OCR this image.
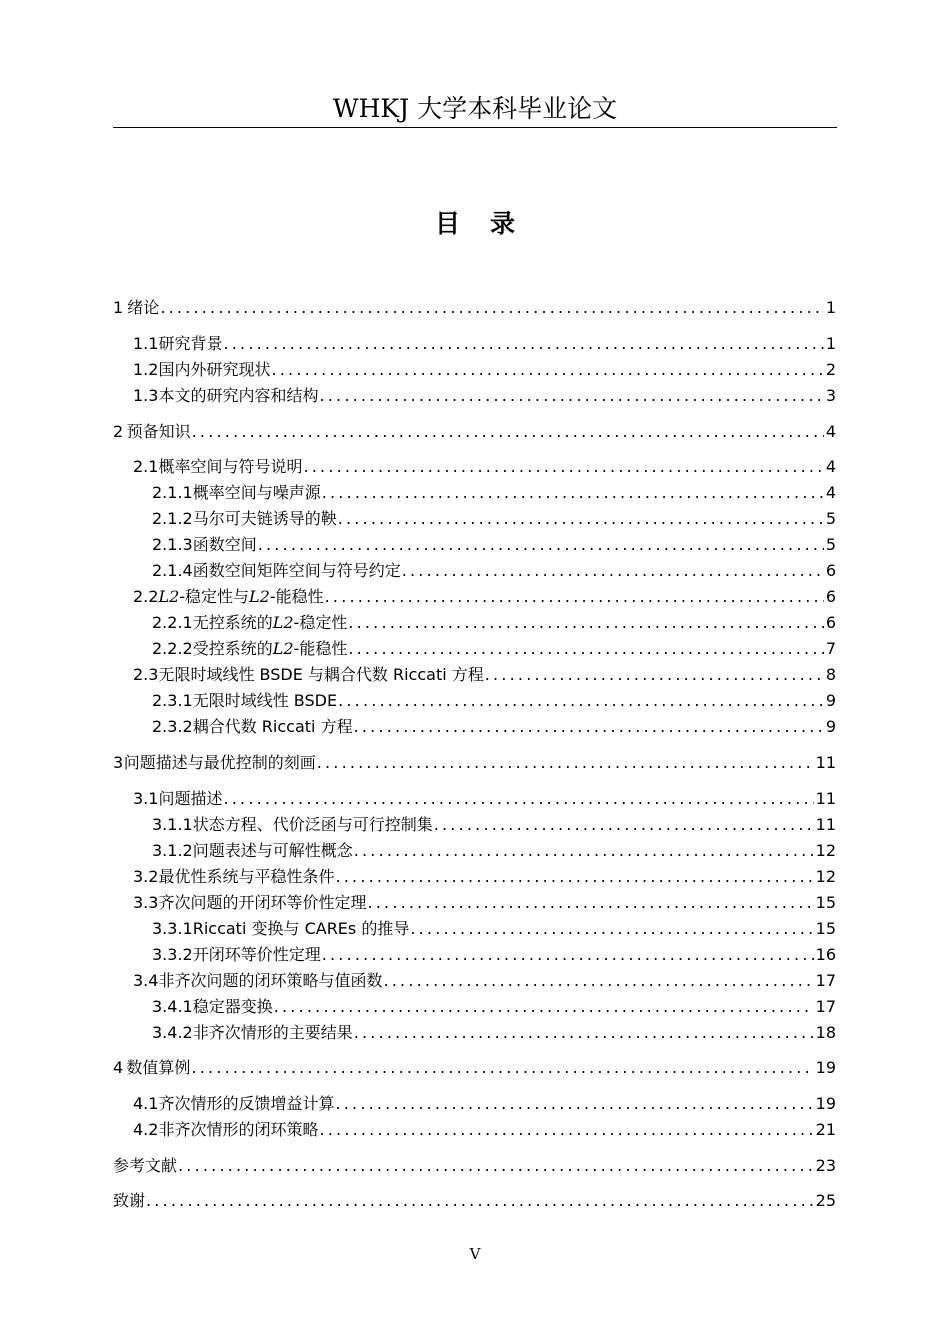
WHKJ 大学本科毕业论文
目 录
1 绪论 .....	1
1.1 研究背景 .....	1
1.2 国内外研究现状 .....	2
1.3 本文的研究内容和结构 .....	3
2 预备知识 .....	4
2.1 概率空间与符号说明 .....	4
2.1.1 概率空间与噪声源 .....	4
2.1.2 马尔可夫链诱导的鞅 .....	5
2.1.3 函数空间 .....	5
2.1.4 函数空间矩阵空间与符号约定 .....	6
2.2 L2-稳定性与L2-能稳性 .....	6
2.2.1 无控系统的L2-稳定性 .....	6
2.2.2 受控系统的L2-能稳性 .....	7
2.3 无限时域线性 BSDE 与耦合代数 Riccati 方程 .....	8
2.3.1 无限时域线性 BSDE .....	9
2.3.2 耦合代数 Riccati 方程 .....	9
3 问题描述与最优控制的刻画 .....	11
3.1 问题描述 .....	11
3.1.1 状态方程、代价泛函与可行控制集 .....	11
3.1.2 问题表述与可解性概念 .....	12
3.2 最优性系统与平稳性条件 .....	12
3.3 齐次问题的开闭环等价性定理 .....	15
3.3.1 Riccati 变换与 CAREs 的推导 .....	15
3.3.2 开闭环等价性定理 .....	16
3.4 非齐次问题的闭环策略与值函数 .....	17
3.4.1 稳定器变换 .....	17
3.4.2 非齐次情形的主要结果 .....	18
4 数值算例 .....	19
4.1 齐次情形的反馈增益计算 .....	19
4.2 非齐次情形的闭环策略 .....	21
参考文献 .....	23
致谢 .....	25
V
